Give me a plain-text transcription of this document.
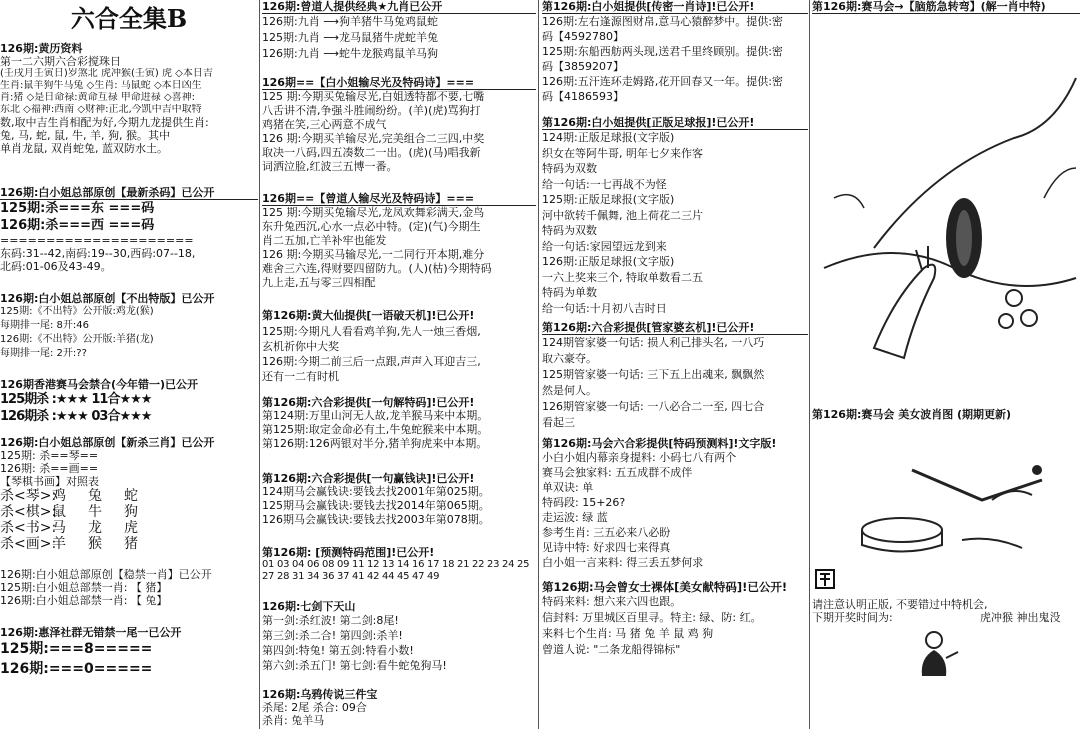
六合全集B
126期:黄历资料
第一二六期六合彩搅珠日
(壬戌月壬寅日)岁煞北 虎冲猴(壬寅) 虎 ◇本日吉
生肖:鼠羊狗牛马兔 ◇生肖: 马鼠蛇 ◇本日凶生
肖:猪 ◇是日命禄:黄命互禄 甲命进禄 ◇喜神:
东北 ◇福神:西南 ◇财神:正北,今凯中吉中取特
数,取中吉生肖相配为好,今期九龙提供生肖:
兔, 马, 蛇, 鼠, 牛, 羊, 狗, 猴。其中
单肖龙鼠, 双肖蛇兔, 蓝双防水土。
126期:白小姐总部原创【最新杀码】已公开
125期:杀===东 ===码
126期:杀===西 ===码
=====================
东码:31--42,南码:19--30,西码:07--18,
北码:01-06及43-49。
126期:白小姐总部原创【不出特版】已公开
125期:《不出特》公开版:鸡龙(猴)
每期排一尾: 8开:46
126期:《不出特》公开版:羊猪(龙)
每期排一尾: 2开:??
126期香港赛马会禁合(今年错一)已公开
125期杀 :★★★ 11合★★★
126期杀 :★★★ 03合★★★
126期:白小姐总部原创【新杀三肖】已公开
125期: 杀==琴==
126期: 杀==画==
【琴棋书画】对照表
杀<琴>:
鸡 兔 蛇
杀<棋>:
鼠 牛 狗
杀<书>:
马 龙 虎
杀<画>:
羊 猴 猪
126期:白小姐总部原创【稳禁一肖】已公开
125期:白小姐总部禁一肖: 【 猪】
126期:白小姐总部禁一肖: 【 兔】
126期:惠泽社群无错禁一尾一已公开
125期:===8=====
126期:===0=====
126期:曾道人提供经典★九肖已公开
126期:九肖 ⟶狗羊猪牛马兔鸡鼠蛇
125期:九肖 ⟶龙马鼠猪牛虎蛇羊兔
126期:九肖 ⟶蛇牛龙猴鸡鼠羊马狗
126期==【白小姐输尽光及特码诗】===
125 期:今期买兔输尽光,白姐透特都不要,七嘴
八舌讲不清,争强斗胜闹纷纷。(羊)(虎)骂狗打
鸡猪在笑,三心两意不成气
126 期:今期买羊输尽光,完美组合二三四,中奖
取决一八码,四五凑数二一出。(虎)(马)唱我新
词洒泣脸,红波三五博一番。
126期==【曾道人输尽光及特码诗】===
125 期:今期买兔输尽光,龙凤欢舞彩满天,金鸟
东升兔西沉,心水一点必中特。(定)(气)今期生
肖二五加,亡羊补牢也能发
126 期:今期买马输尽光,一二同行开本期,难分
难舍三六连,得财要四留防九。(人)(枯)今期特码
九上走,五与零三四相配
第126期:黄大仙提供[一语破天机]!已公开!
125期:今期凡人看看鸡羊狗,先人一烛三香烟,
玄机祈你中大奖
126期:今期二前三后一点跟,声声入耳迎吉三,
还有一二有时机
第126期:六合彩提供[一句解特码]!已公开!
第124期:万里山河无人故,龙羊猴马来中本期。
第125期:取定金命必有土,牛兔蛇猴来中本期。
第126期:126两银对半分,猪羊狗虎来中本期。
第126期:六合彩提供[一句赢钱诀]!已公开!
124期马会赢钱诀:要钱去找2001年第025期。
125期马会赢钱诀:要钱去找2014年第065期。
126期马会赢钱诀:要钱去找2003年第078期。
第126期: [预测特码范围]!已公开!
01 03 04 06 08 09 11 12 13 14 16 17 18 21 22 23 24 25
27 28 31 34 36 37 41 42 44 45 47 49
126期:七剑下天山
第一剑:杀红波! 第二剑:8尾!
第三剑:杀二合! 第四剑:杀羊!
第四剑:特兔! 第五剑:特看小数!
第六剑:杀五门! 第七剑:看牛蛇兔狗马!
126期:乌鸦传说三件宝
杀尾: 2尾 杀合: 09合
杀肖: 兔羊马
第126期:白小姐提供[传密一肖诗]!已公开!
126期:左右逢源图财帛,意马心猿醉梦中。提供:密
码【4592780】
125期:东船西舫两头现,送君千里终顾别。提供:密
码【3859207】
126期:五汗连环走姆路,花开回春又一年。提供:密
码【4186593】
第126期:白小姐提供[正版足球报]!已公开!
124期:正版足球报(文字版)
织女在等阿牛哥, 明年七夕来作客
特码为双数
给一句话:一七再战不为怪
125期:正版足球报(文字版)
河中欲转千佩舞, 池上荷花二三片
特码为双数
给一句话:家园望远龙到来
126期:正版足球报(文字版)
一六上奖来三个, 特取单数看二五
特码为单数
给一句话:十月初八吉时日
第126期:六合彩提供[管家婆玄机]!已公开!
124期管家婆一句话: 损人利己排头名, 一八巧
取六豪夺。
125期管家婆一句话: 三下五上出魂来, 飘飘然
然是何人。
126期管家婆一句话: 一八必合二一至, 四七合
看起三
第126期:马会六合彩提供[特码预测料]!文字版!
小白小姐内幕亲身提料: 小码七八有两个
赛马会独家料: 五五成群不成伴
单双诀: 单
特码段: 15+26?
走运波: 绿 蓝
参考生肖: 三五必来八必盼
见诗中特: 好求四七来得真
白小姐一言来料: 得三丢五梦何求
第126期:马会曾女士裸体[美女献特码]!已公开!
特码来料: 想六来六四也跟。
信封料: 万里城区百里寻。特主: 绿、防: 红。
来料七个生肖: 马 猪 兔 羊 鼠 鸡 狗
曾道人说: "二条龙船得锦标"
第126期:赛马会→【脑筋急转弯】(解一肖中特)
第126期:赛马会 美女波肖图 (期期更新)
请注意认明正版, 不要错过中特机会,
下期开奖时间为:	虎冲猴 神出鬼没
